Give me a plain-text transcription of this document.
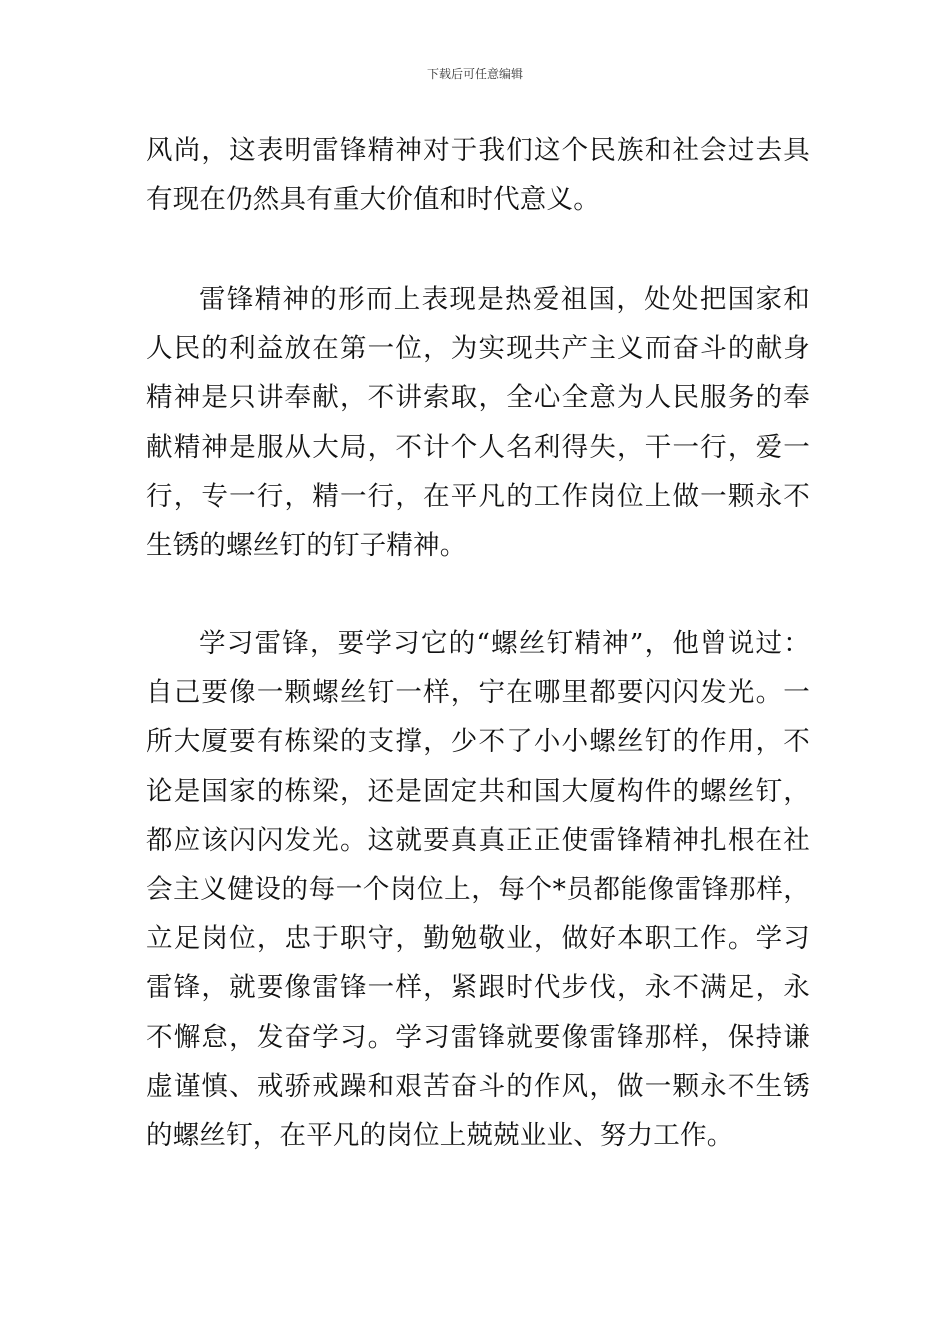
下载后可任意编辑

风尚，这表明雷锋精神对于我们这个民族和社会过去具有现在仍然具有重大价值和时代意义。

雷锋精神的形而上表现是热爱祖国，处处把国家和人民的利益放在第一位，为实现共产主义而奋斗的献身精神是只讲奉献，不讲索取，全心全意为人民服务的奉献精神是服从大局，不计个人名利得失，干一行，爱一行，专一行，精一行，在平凡的工作岗位上做一颗永不生锈的螺丝钉的钉子精神。

学习雷锋，要学习它的“螺丝钉精神”，他曾说过：自己要像一颗螺丝钉一样，宁在哪里都要闪闪发光。一所大厦要有栋梁的支撑，少不了小小螺丝钉的作用，不论是国家的栋梁，还是固定共和国大厦构件的螺丝钉，都应该闪闪发光。这就要真真正正使雷锋精神扎根在社会主义健设的每一个岗位上，每个*员都能像雷锋那样，立足岗位，忠于职守，勤勉敬业，做好本职工作。学习雷锋，就要像雷锋一样，紧跟时代步伐，永不满足，永不懈怠，发奋学习。学习雷锋就要像雷锋那样，保持谦虚谨慎、戒骄戒躁和艰苦奋斗的作风，做一颗永不生锈的螺丝钉，在平凡的岗位上兢兢业业、努力工作。
